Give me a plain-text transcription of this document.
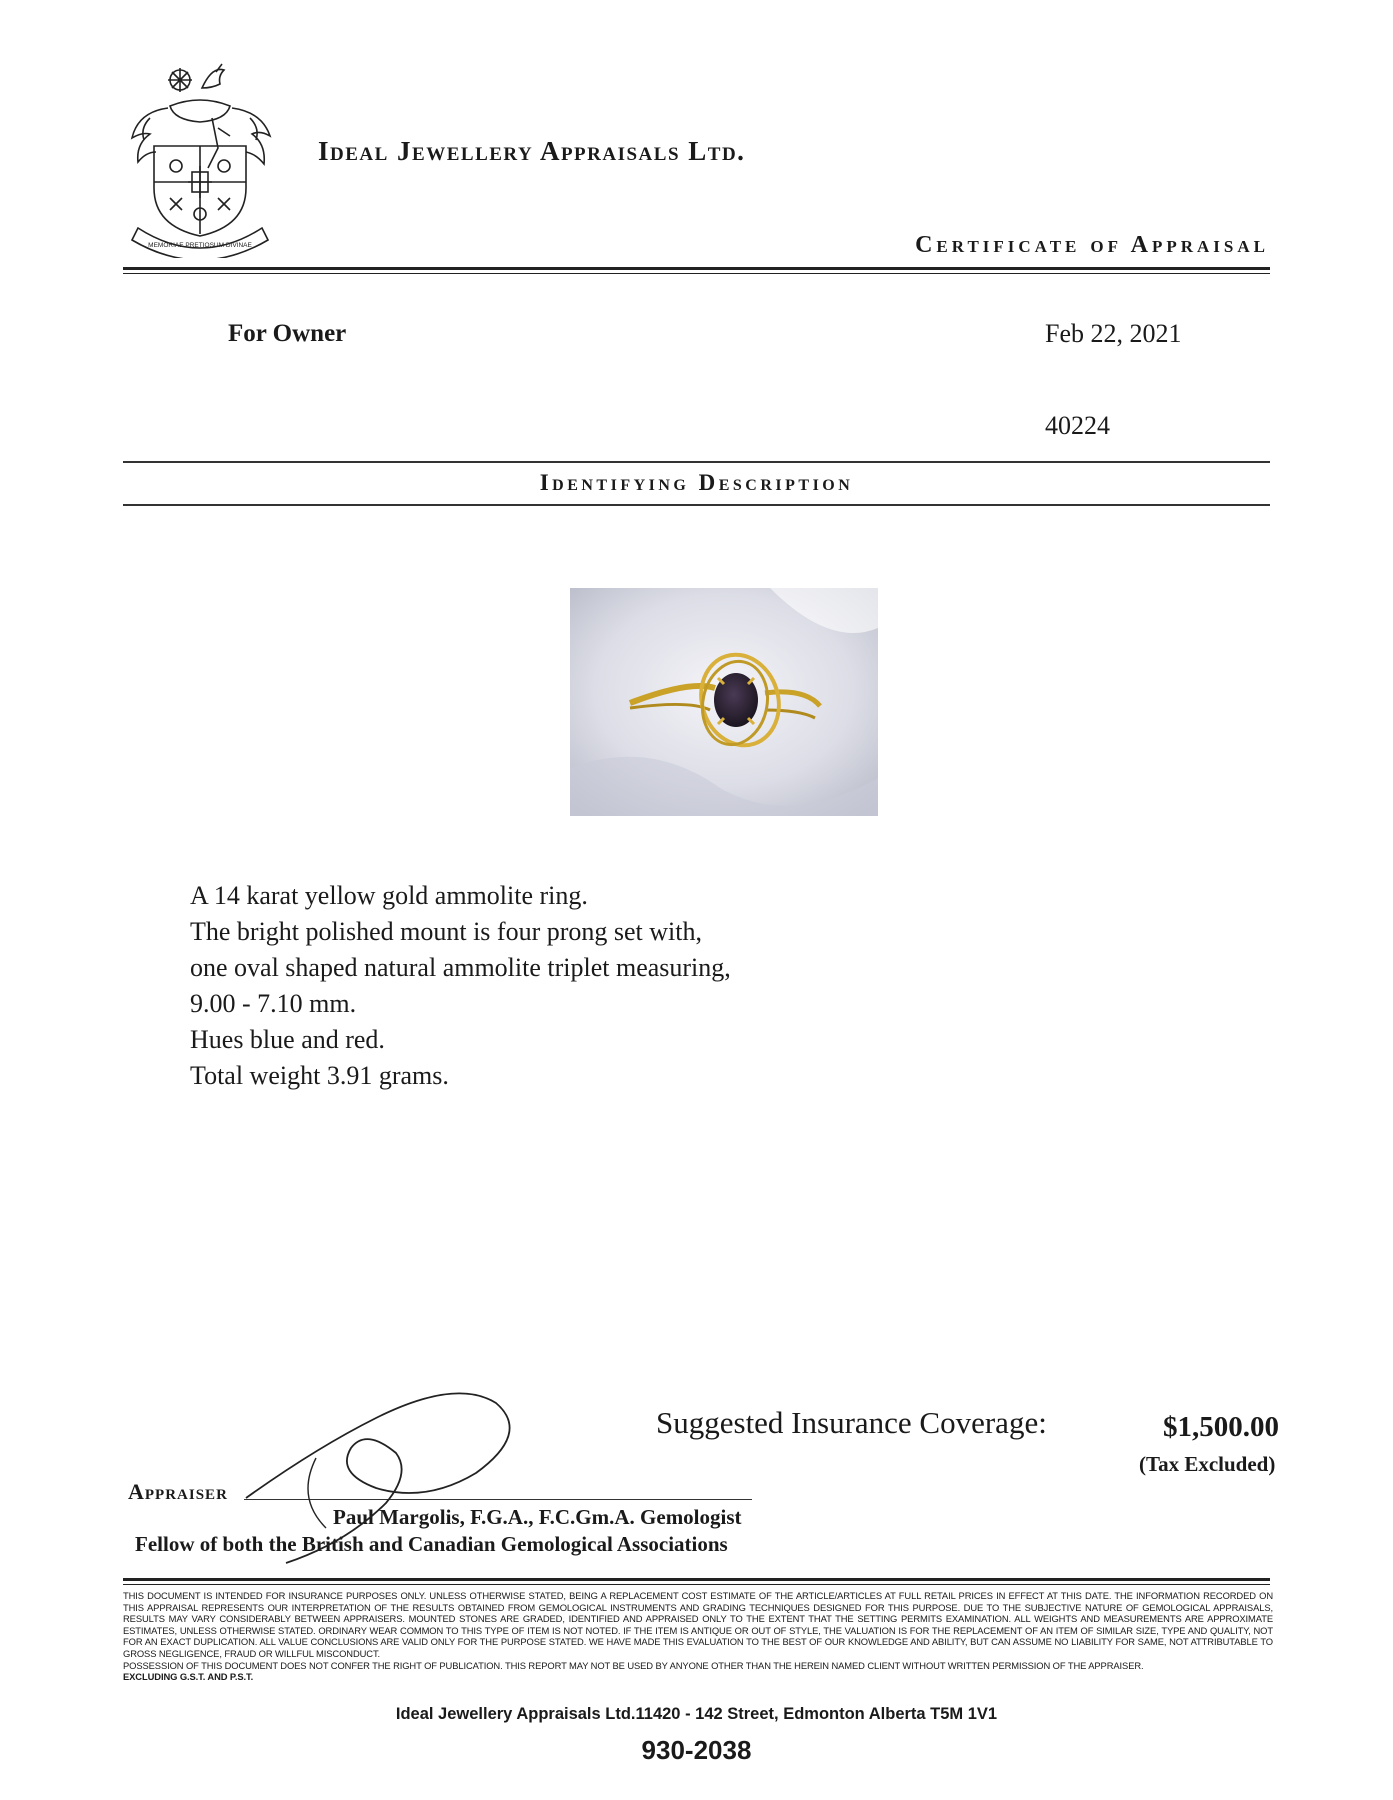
MEMORIAE PRETIOSUM DIVINAE
Ideal Jewellery Appraisals Ltd.
Certificate of Appraisal
For Owner	Feb 22, 2021
40224
Identifying Description
A 14 karat yellow gold ammolite ring.
The bright polished mount is four prong set with,
one oval shaped natural ammolite triplet measuring,
9.00 - 7.10 mm.
Hues blue and red.
Total weight 3.91 grams.
Suggested Insurance Coverage:	$1,500.00
(Tax Excluded)
Appraiser
Paul Margolis, F.G.A., F.C.Gm.A. Gemologist
Fellow of both the British and Canadian Gemological Associations

THIS DOCUMENT IS INTENDED FOR INSURANCE PURPOSES ONLY. UNLESS OTHERWISE STATED, BEING A REPLACEMENT COST ESTIMATE OF THE ARTICLE/ARTICLES AT FULL RETAIL PRICES IN EFFECT AT THIS DATE. THE INFORMATION RECORDED ON THIS APPRAISAL REPRESENTS OUR INTERPRETATION OF THE RESULTS OBTAINED FROM GEMOLOGICAL INSTRUMENTS AND GRADING TECHNIQUES DESIGNED FOR THIS PURPOSE. DUE TO THE SUBJECTIVE NATURE OF GEMOLOGICAL APPRAISALS, RESULTS MAY VARY CONSIDERABLY BETWEEN APPRAISERS. MOUNTED STONES ARE GRADED, IDENTIFIED AND APPRAISED ONLY TO THE EXTENT THAT THE SETTING PERMITS EXAMINATION. ALL WEIGHTS AND MEASUREMENTS ARE APPROXIMATE ESTIMATES, UNLESS OTHERWISE STATED. ORDINARY WEAR COMMON TO THIS TYPE OF ITEM IS NOT NOTED. IF THE ITEM IS ANTIQUE OR OUT OF STYLE, THE VALUATION IS FOR THE REPLACEMENT OF AN ITEM OF SIMILAR SIZE, TYPE AND QUALITY, NOT FOR AN EXACT DUPLICATION. ALL VALUE CONCLUSIONS ARE VALID ONLY FOR THE PURPOSE STATED. WE HAVE MADE THIS EVALUATION TO THE BEST OF OUR KNOWLEDGE AND ABILITY, BUT CAN ASSUME NO LIABILITY FOR SAME, NOT ATTRIBUTABLE TO GROSS NEGLIGENCE, FRAUD OR WILLFUL MISCONDUCT.

POSSESSION OF THIS DOCUMENT DOES NOT CONFER THE RIGHT OF PUBLICATION. THIS REPORT MAY NOT BE USED BY ANYONE OTHER THAN THE HEREIN NAMED CLIENT WITHOUT WRITTEN PERMISSION OF THE APPRAISER.

EXCLUDING G.S.T. AND P.S.T.

Ideal Jewellery Appraisals Ltd.11420 - 142 Street, Edmonton Alberta T5M 1V1
930-2038
